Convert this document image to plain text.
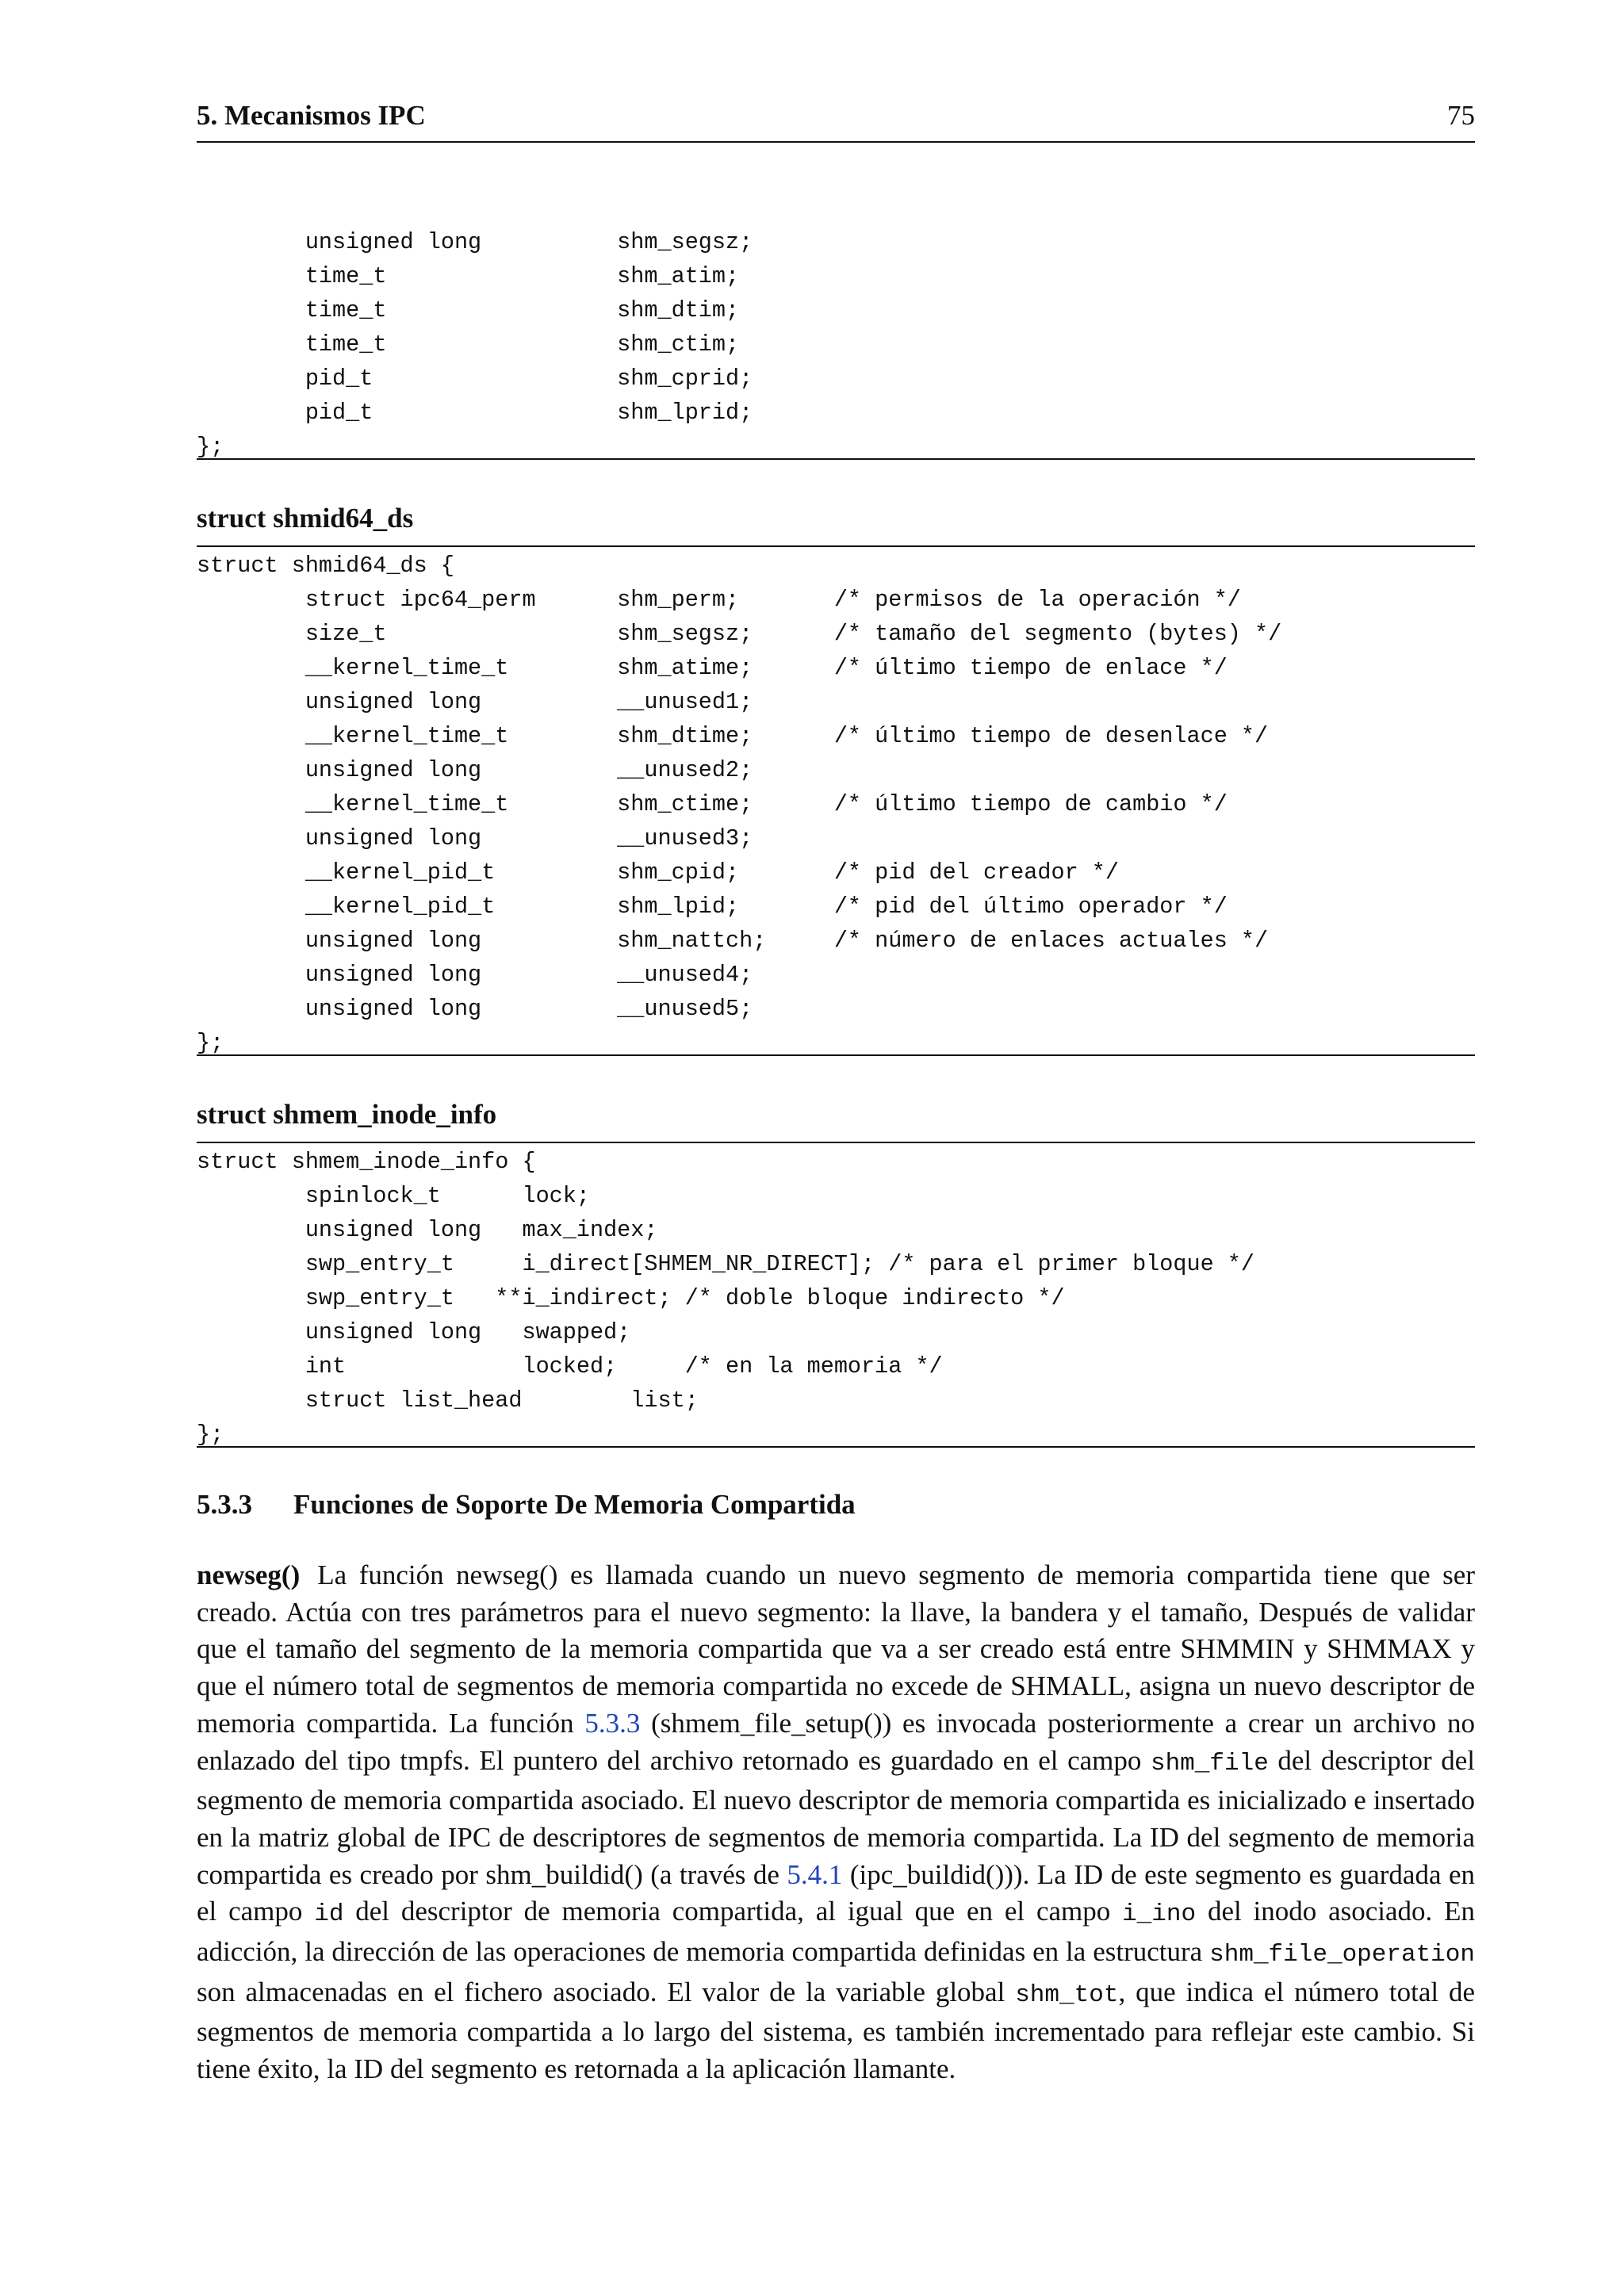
5. Mecanismos IPC	75
unsigned long          shm_segsz;
time_t                 shm_atim;
time_t                 shm_dtim;
time_t                 shm_ctim;
pid_t                  shm_cprid;
pid_t                  shm_lprid;
};
struct shmid64_ds
struct shmid64_ds {
struct ipc64_perm      shm_perm;       /* permisos de la operación */
size_t                 shm_segsz;      /* tamaño del segmento (bytes) */
__kernel_time_t        shm_atime;      /* último tiempo de enlace */
unsigned long          __unused1;
__kernel_time_t        shm_dtime;      /* último tiempo de desenlace */
unsigned long          __unused2;
__kernel_time_t        shm_ctime;      /* último tiempo de cambio */
unsigned long          __unused3;
__kernel_pid_t         shm_cpid;       /* pid del creador */
__kernel_pid_t         shm_lpid;       /* pid del último operador */
unsigned long          shm_nattch;     /* número de enlaces actuales */
unsigned long          __unused4;
unsigned long          __unused5;
};
struct shmem_inode_info
struct shmem_inode_info {
spinlock_t      lock;
unsigned long   max_index;
swp_entry_t     i_direct[SHMEM_NR_DIRECT]; /* para el primer bloque */
swp_entry_t   **i_indirect; /* doble bloque indirecto */
unsigned long   swapped;
int             locked;     /* en la memoria */
struct list_head        list;
};
5.3.3 Funciones de Soporte De Memoria Compartida

newseg() La función newseg() es llamada cuando un nuevo segmento de memoria compartida tiene que ser creado. Actúa con tres parámetros para el nuevo segmento: la llave, la bandera y el tamaño, Después de validar que el tamaño del segmento de la memoria compartida que va a ser creado está entre SHMMIN y SHMMAX y que el número total de segmentos de memoria compartida no excede de SHMALL, asigna un nuevo descriptor de memoria compartida. La función 5.3.3 (shmem_file_setup()) es invocada posteriormente a crear un archivo no enlazado del tipo tmpfs. El puntero del archivo retornado es guardado en el campo shm_file del descriptor del segmento de memoria compartida asociado. El nuevo descriptor de memoria compartida es inicializado e insertado en la matriz global de IPC de descriptores de segmentos de memoria compartida. La ID del segmento de memoria compartida es creado por shm_buildid() (a través de 5.4.1 (ipc_buildid())). La ID de este segmento es guardada en el campo id del descriptor de memoria compartida, al igual que en el campo i_ino del inodo asociado. En adicción, la dirección de las operaciones de memoria compartida definidas en la estructura shm_file_operation son almacenadas en el fichero asociado. El valor de la variable global shm_tot, que indica el número total de segmentos de memoria compartida a lo largo del sistema, es también incrementado para reflejar este cambio. Si tiene éxito, la ID del segmento es retornada a la aplicación llamante.
